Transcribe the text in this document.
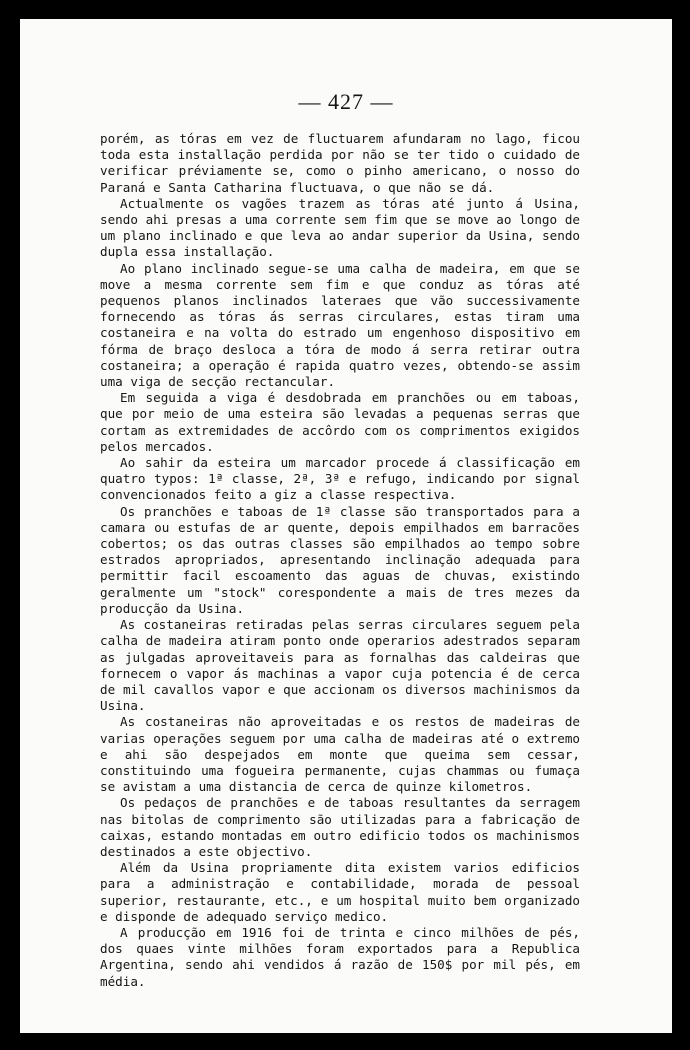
— 427 —

porém, as tóras em vez de fluctuarem afundaram no lago, ficou toda esta installação perdida por não se ter tido o cuidado de verificar préviamente se, como o pinho americano, o nosso do Paraná e Santa Catharina fluctuava, o que não se dá.

Actualmente os vagões trazem as tóras até junto á Usina, sendo ahi presas a uma corrente sem fim que se move ao longo de um plano inclinado e que leva ao andar superior da Usina, sendo dupla essa installação.

Ao plano inclinado segue-se uma calha de madeira, em que se move a mesma corrente sem fim e que conduz as tóras até pequenos planos inclinados lateraes que vão successivamente fornecendo as tóras ás serras circulares, estas tiram uma costaneira e na volta do estrado um engenhoso dispositivo em fórma de braço desloca a tóra de modo á serra retirar outra costaneira; a operação é rapida quatro vezes, obtendo-se assim uma viga de secção rectancular.

Em seguida a viga é desdobrada em pranchões ou em taboas, que por meio de uma esteira são levadas a pequenas serras que cortam as extremidades de accôrdo com os comprimentos exigidos pelos mercados.

Ao sahir da esteira um marcador procede á classificação em quatro typos: 1ª classe, 2ª, 3ª e refugo, indicando por signal convencionados feito a giz a classe respectiva.

Os pranchões e taboas de 1ª classe são transportados para a camara ou estufas de ar quente, depois empilhados em barracões cobertos; os das outras classes são empilhados ao tempo sobre estrados apropriados, apresentando inclinação adequada para permittir facil escoamento das aguas de chuvas, existindo geralmente um "stock" corespondente a mais de tres mezes da producção da Usina.

As costaneiras retiradas pelas serras circulares seguem pela calha de madeira atiram ponto onde operarios adestrados separam as julgadas aproveitaveis para as fornalhas das caldeiras que fornecem o vapor ás machinas a vapor cuja potencia é de cerca de mil cavallos vapor e que accionam os diversos machinismos da Usina.

As costaneiras não aproveitadas e os restos de madeiras de varias operações seguem por uma calha de madeiras até o extremo e ahi são despejados em monte que queima sem cessar, constituindo uma fogueira permanente, cujas chammas ou fumaça se avistam a uma distancia de cerca de quinze kilometros.

Os pedaços de pranchões e de taboas resultantes da serragem nas bitolas de comprimento são utilizadas para a fabricação de caixas, estando montadas em outro edificio todos os machinismos destinados a este objectivo.

Além da Usina propriamente dita existem varios edificios para a administração e contabilidade, morada de pessoal superior, restaurante, etc., e um hospital muito bem organizado e disponde de adequado serviço medico.

A producção em 1916 foi de trinta e cinco milhões de pés, dos quaes vinte milhões foram exportados para a Republica Argentina, sendo ahi vendidos á razão de 150$ por mil pés, em média.
